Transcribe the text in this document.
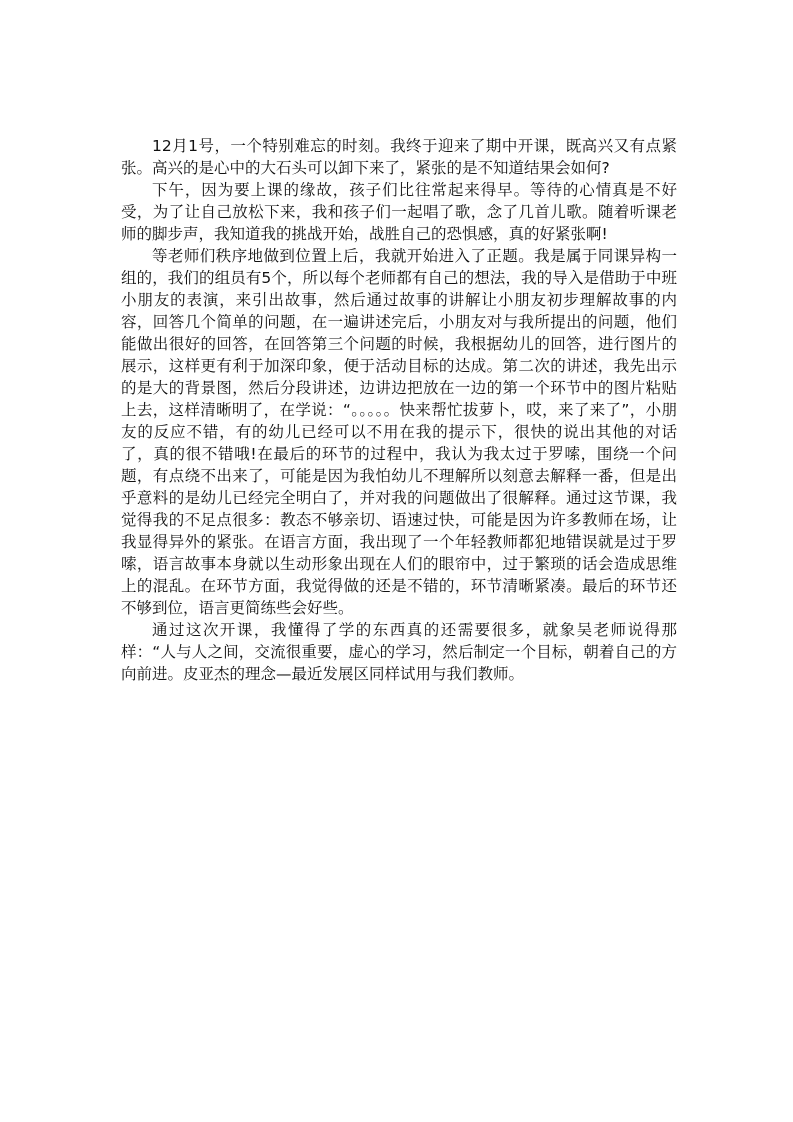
12月1号，一个特别难忘的时刻。我终于迎来了期中开课，既高兴又有点紧张。高兴的是心中的大石头可以卸下来了，紧张的是不知道结果会如何?

下午，因为要上课的缘故，孩子们比往常起来得早。等待的心情真是不好受，为了让自己放松下来，我和孩子们一起唱了歌，念了几首儿歌。随着听课老师的脚步声，我知道我的挑战开始，战胜自己的恐惧感，真的好紧张啊!

等老师们秩序地做到位置上后，我就开始进入了正题。我是属于同课异构一组的，我们的组员有5个，所以每个老师都有自己的想法，我的导入是借助于中班小朋友的表演，来引出故事，然后通过故事的讲解让小朋友初步理解故事的内容，回答几个简单的问题，在一遍讲述完后，小朋友对与我所提出的问题，他们能做出很好的回答，在回答第三个问题的时候，我根据幼儿的回答，进行图片的展示，这样更有利于加深印象，便于活动目标的达成。第二次的讲述，我先出示的是大的背景图，然后分段讲述，边讲边把放在一边的第一个环节中的图片粘贴上去，这样清晰明了，在学说：“。。。。。快来帮忙拔萝卜，哎，来了来了”，小朋友的反应不错，有的幼儿已经可以不用在我的提示下，很快的说出其他的对话了，真的很不错哦!在最后的环节的过程中，我认为我太过于罗嗦，围绕一个问题，有点绕不出来了，可能是因为我怕幼儿不理解所以刻意去解释一番，但是出乎意料的是幼儿已经完全明白了，并对我的问题做出了很解释。通过这节课，我觉得我的不足点很多：教态不够亲切、语速过快，可能是因为许多教师在场，让我显得异外的紧张。在语言方面，我出现了一个年轻教师都犯地错误就是过于罗嗦，语言故事本身就以生动形象出现在人们的眼帘中，过于繁琐的话会造成思维上的混乱。在环节方面，我觉得做的还是不错的，环节清晰紧凑。最后的环节还不够到位，语言更简练些会好些。

通过这次开课，我懂得了学的东西真的还需要很多，就象吴老师说得那样：“人与人之间，交流很重要，虚心的学习，然后制定一个目标，朝着自己的方向前进。皮亚杰的理念—最近发展区同样试用与我们教师。
